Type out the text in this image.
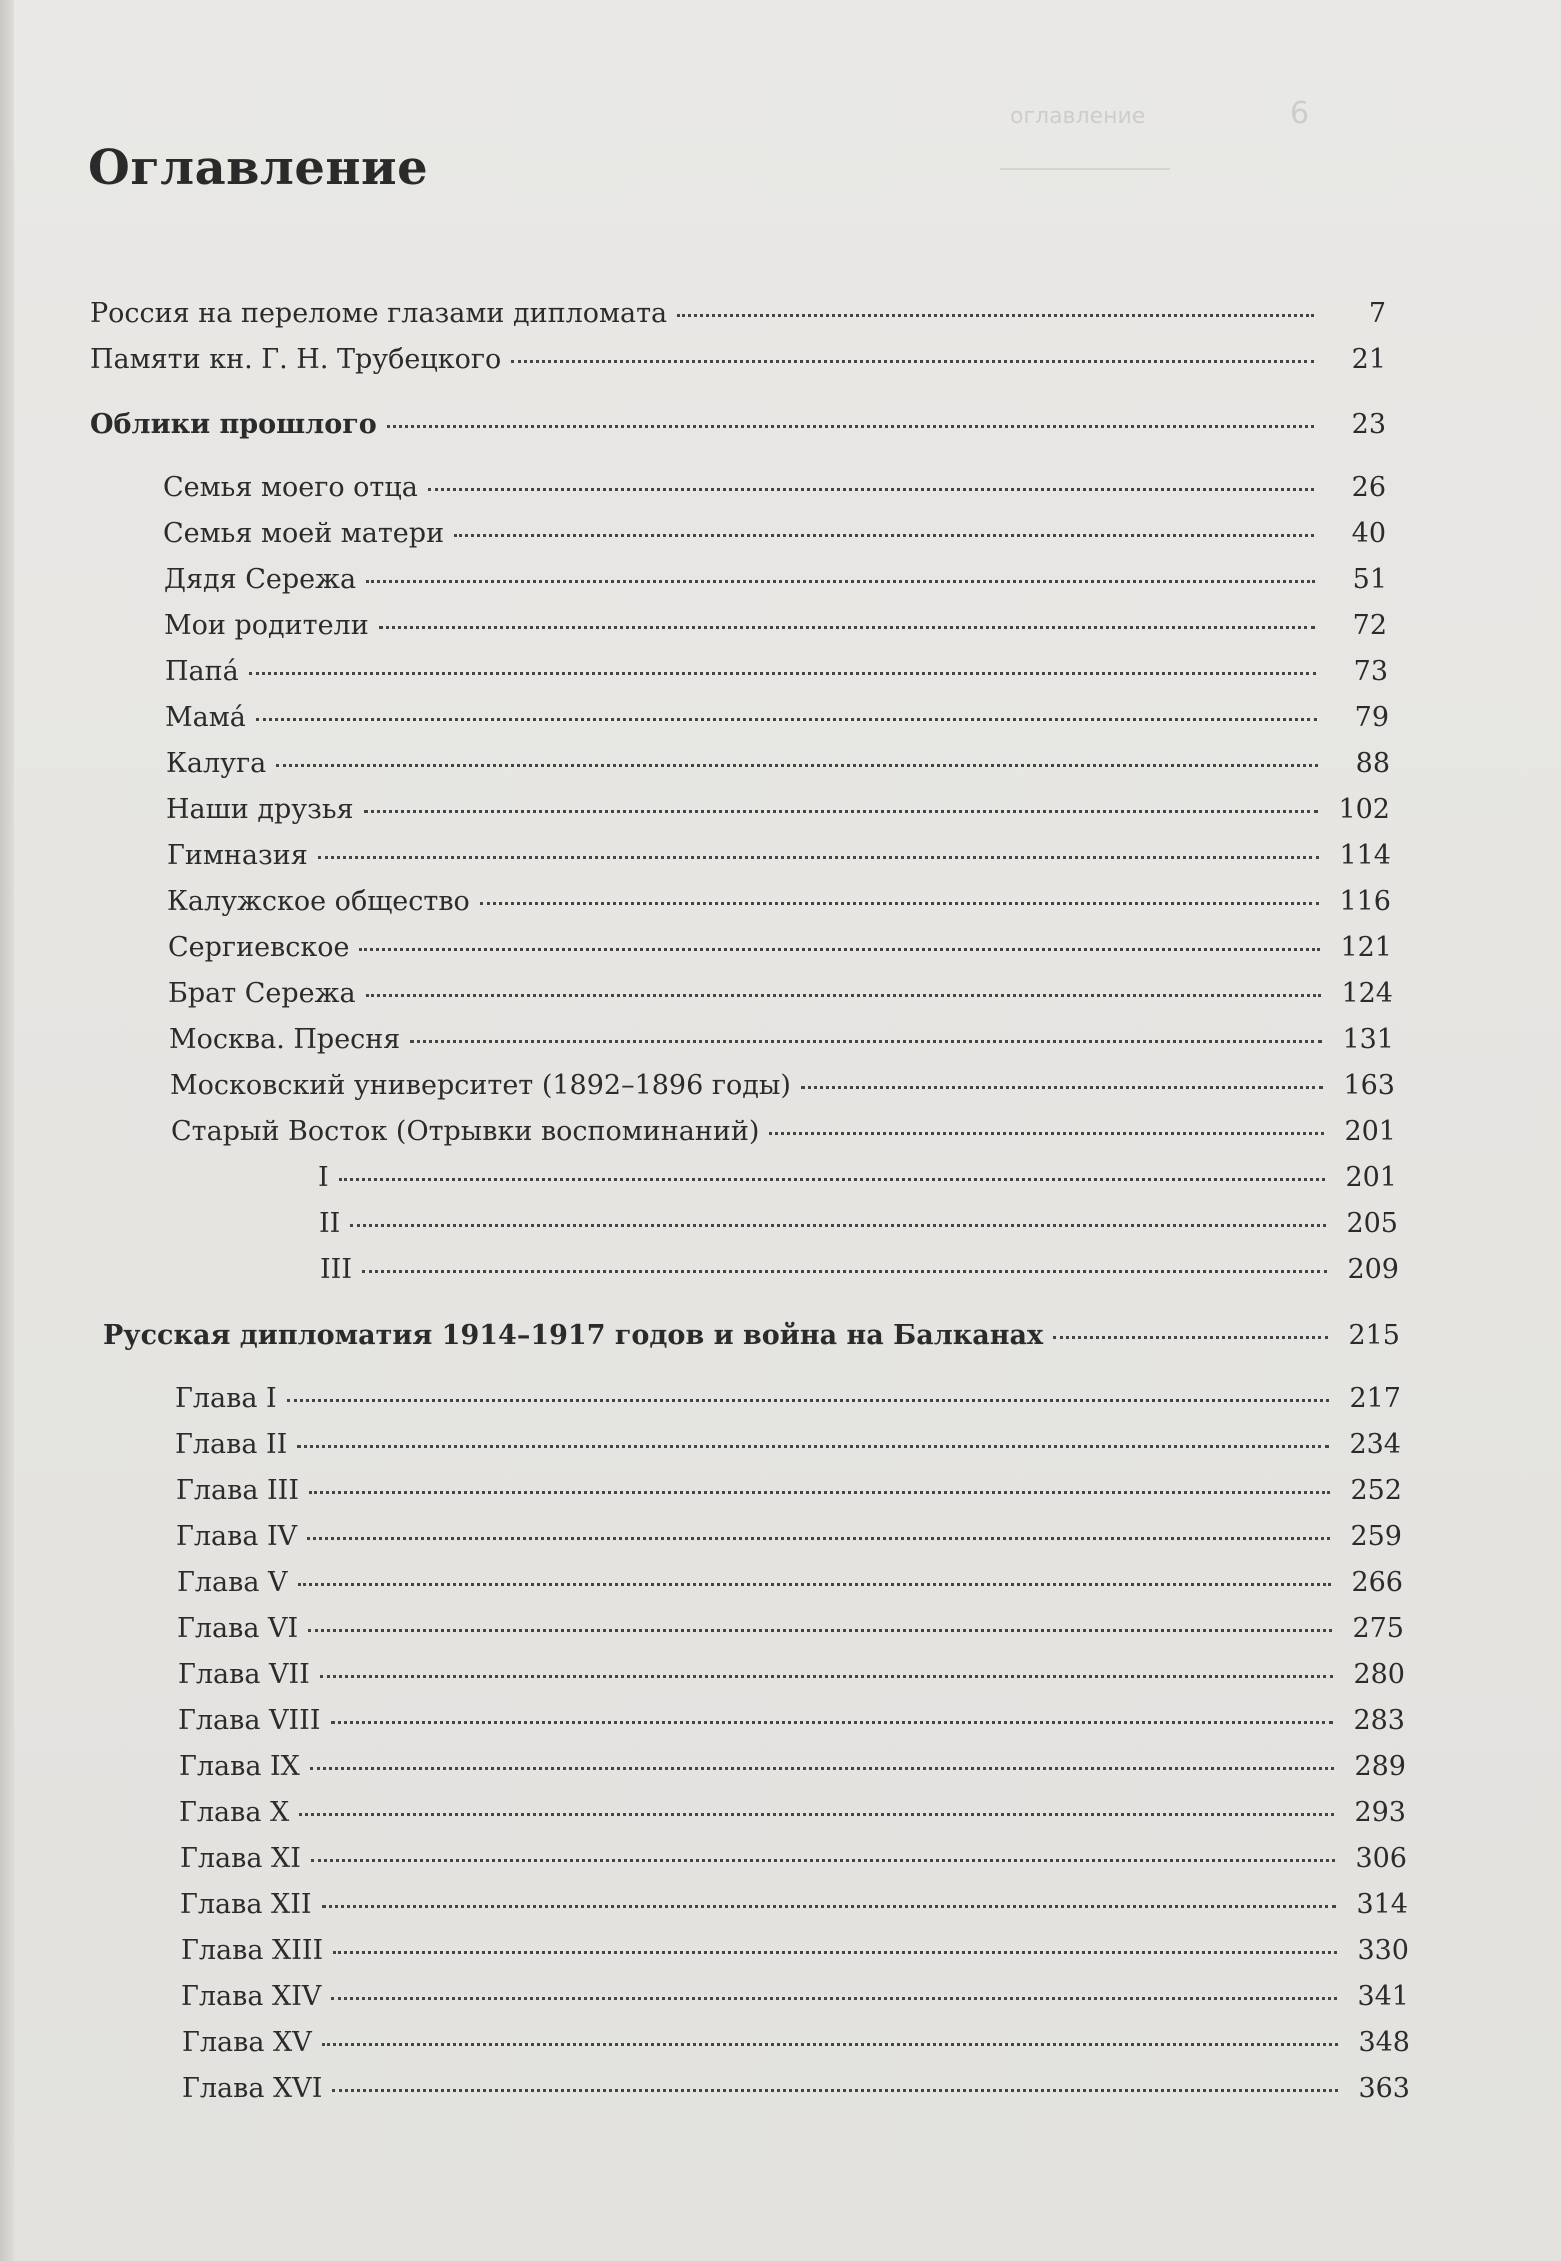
оглавление	6
Оглавление
Россия на переломе глазами дипломата	7
Памяти кн. Г. Н. Трубецкого	21
Облики прошлого	23
Семья моего отца	26
Семья моей матери	40
Дядя Сережа	51
Мои родители	72
Папá	73
Мамá	79
Калуга	88
Наши друзья	102
Гимназия	114
Калужское общество	116
Сергиевское	121
Брат Сережа	124
Москва. Пресня	131
Московский университет (1892–1896 годы)	163
Старый Восток (Отрывки воспоминаний)	201
I	201
II	205
III	209
Русская дипломатия 1914–1917 годов и война на Балканах	215
Глава I	217
Глава II	234
Глава III	252
Глава IV	259
Глава V	266
Глава VI	275
Глава VII	280
Глава VIII	283
Глава IX	289
Глава X	293
Глава XI	306
Глава XII	314
Глава XIII	330
Глава XIV	341
Глава XV	348
Глава XVI	363
